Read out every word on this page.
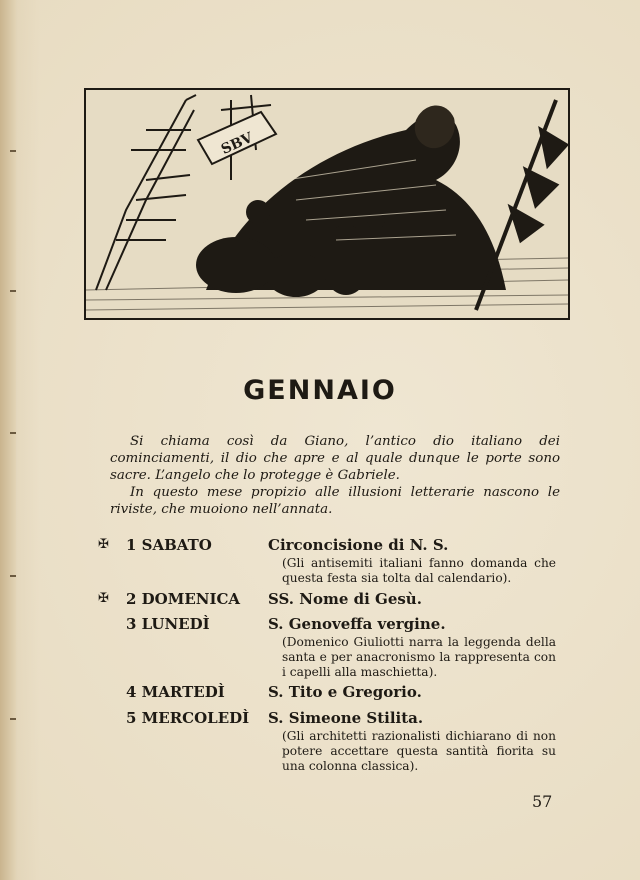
SBV
GENNAIO

Si chiama così da Giano, l’antico dio italiano dei cominciamenti, il dio che apre e al quale dunque le porte sono sacre. L’angelo che lo protegge è Gabriele.

In questo mese propizio alle illusioni letterarie nascono le riviste, che muoiono nell’annata.

✠ 1 SABATO	Circoncisione di N. S.
(Gli antisemiti italiani fanno domanda che questa festa sia tolta dal calendario).
✠ 2 DOMENICA SS. Nome di Gesù.
3 LUNEDÌ	S. Genoveffa vergine.
(Domenico Giuliotti narra la leggenda della santa e per anacronismo la rappresenta con i capelli alla maschietta).
4 MARTEDÌ	S. Tito e Gregorio.
5 MERCOLEDÌ S. Simeone Stilita.
(Gli architetti razionalisti dichiarano di non potere accettare questa santità fiorita su una colonna classica).
57
